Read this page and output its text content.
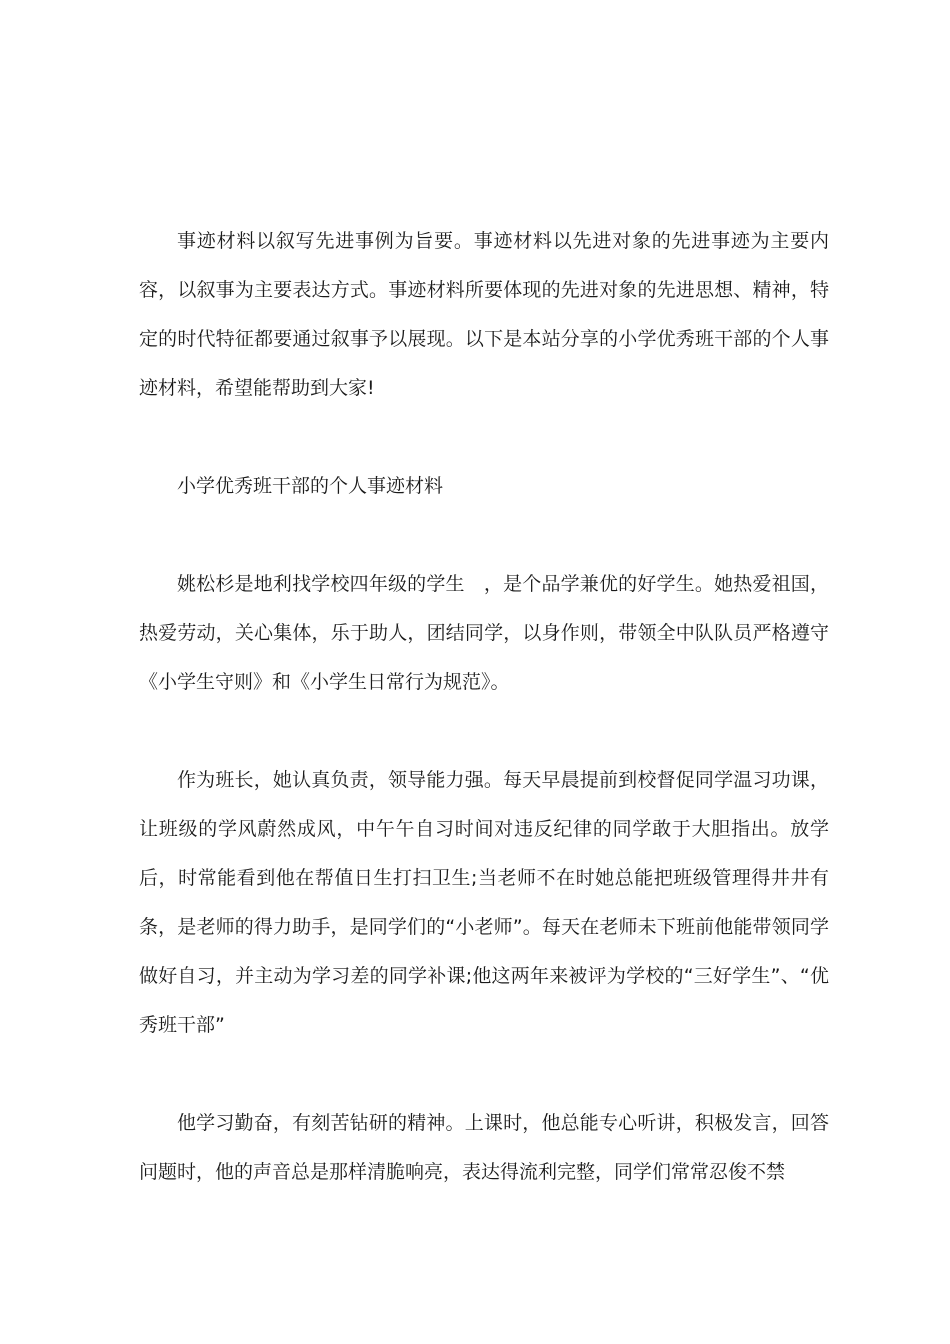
事迹材料以叙写先进事例为旨要。事迹材料以先进对象的先进事迹为主要内容，以叙事为主要表达方式。事迹材料所要体现的先进对象的先进思想、精神，特定的时代特征都要通过叙事予以展现。以下是本站分享的小学优秀班干部的个人事迹材料，希望能帮助到大家!

小学优秀班干部的个人事迹材料

姚松杉是地利找学校四年级的学生　，是个品学兼优的好学生。她热爱祖国，热爱劳动，关心集体，乐于助人，团结同学，以身作则，带领全中队队员严格遵守《小学生守则》和《小学生日常行为规范》。

作为班长，她认真负责，领导能力强。每天早晨提前到校督促同学温习功课，让班级的学风蔚然成风，中午午自习时间对违反纪律的同学敢于大胆指出。放学后，时常能看到他在帮值日生打扫卫生;当老师不在时她总能把班级管理得井井有条，是老师的得力助手，是同学们的“小老师”。每天在老师未下班前他能带领同学做好自习，并主动为学习差的同学补课;他这两年来被评为学校的“三好学生”、“优秀班干部”

他学习勤奋，有刻苦钻研的精神。上课时，他总能专心听讲，积极发言，回答问题时，他的声音总是那样清脆响亮，表达得流利完整，同学们常常忍俊不禁
